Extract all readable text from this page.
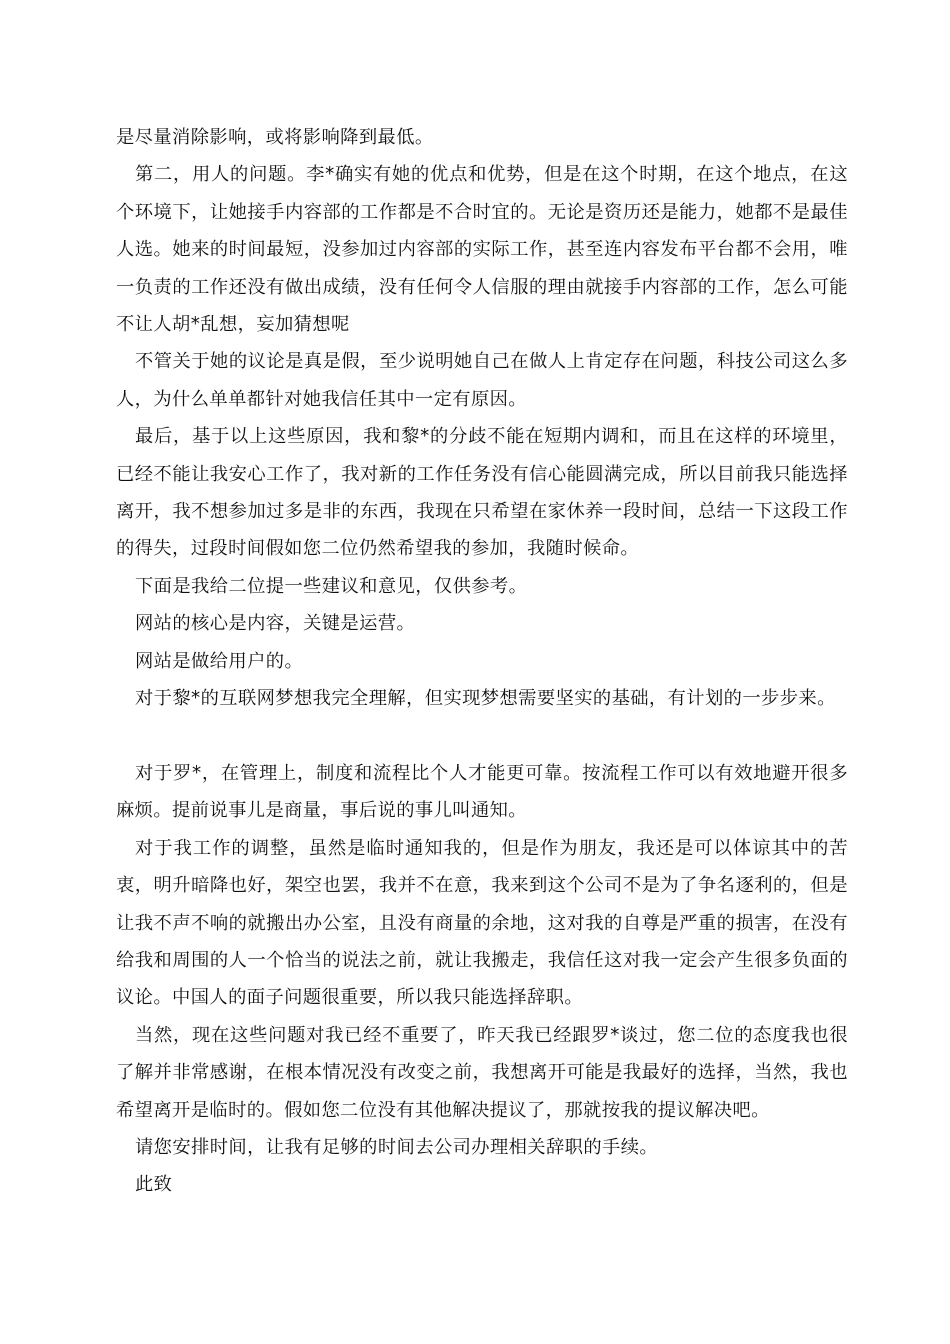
是尽量消除影响，或将影响降到最低。

第二，用人的问题。李*确实有她的优点和优势，但是在这个时期，在这个地点，在这个环境下，让她接手内容部的工作都是不合时宜的。无论是资历还是能力，她都不是最佳人选。她来的时间最短，没参加过内容部的实际工作，甚至连内容发布平台都不会用，唯一负责的工作还没有做出成绩，没有任何令人信服的理由就接手内容部的工作，怎么可能不让人胡*乱想，妄加猜想呢

不管关于她的议论是真是假，至少说明她自己在做人上肯定存在问题，科技公司这么多人，为什么单单都针对她我信任其中一定有原因。

最后，基于以上这些原因，我和黎*的分歧不能在短期内调和，而且在这样的环境里，已经不能让我安心工作了，我对新的工作任务没有信心能圆满完成，所以目前我只能选择离开，我不想参加过多是非的东西，我现在只希望在家休养一段时间，总结一下这段工作的得失，过段时间假如您二位仍然希望我的参加，我随时候命。

下面是我给二位提一些建议和意见，仅供参考。

网站的核心是内容，关键是运营。

网站是做给用户的。

对于黎*的互联网梦想我完全理解，但实现梦想需要坚实的基础，有计划的一步步来。

对于罗*，在管理上，制度和流程比个人才能更可靠。按流程工作可以有效地避开很多麻烦。提前说事儿是商量，事后说的事儿叫通知。

对于我工作的调整，虽然是临时通知我的，但是作为朋友，我还是可以体谅其中的苦衷，明升暗降也好，架空也罢，我并不在意，我来到这个公司不是为了争名逐利的，但是让我不声不响的就搬出办公室，且没有商量的余地，这对我的自尊是严重的损害，在没有给我和周围的人一个恰当的说法之前，就让我搬走，我信任这对我一定会产生很多负面的议论。中国人的面子问题很重要，所以我只能选择辞职。

当然，现在这些问题对我已经不重要了，昨天我已经跟罗*谈过，您二位的态度我也很了解并非常感谢，在根本情况没有改变之前，我想离开可能是我最好的选择，当然，我也希望离开是临时的。假如您二位没有其他解决提议了，那就按我的提议解决吧。

请您安排时间，让我有足够的时间去公司办理相关辞职的手续。

此致
